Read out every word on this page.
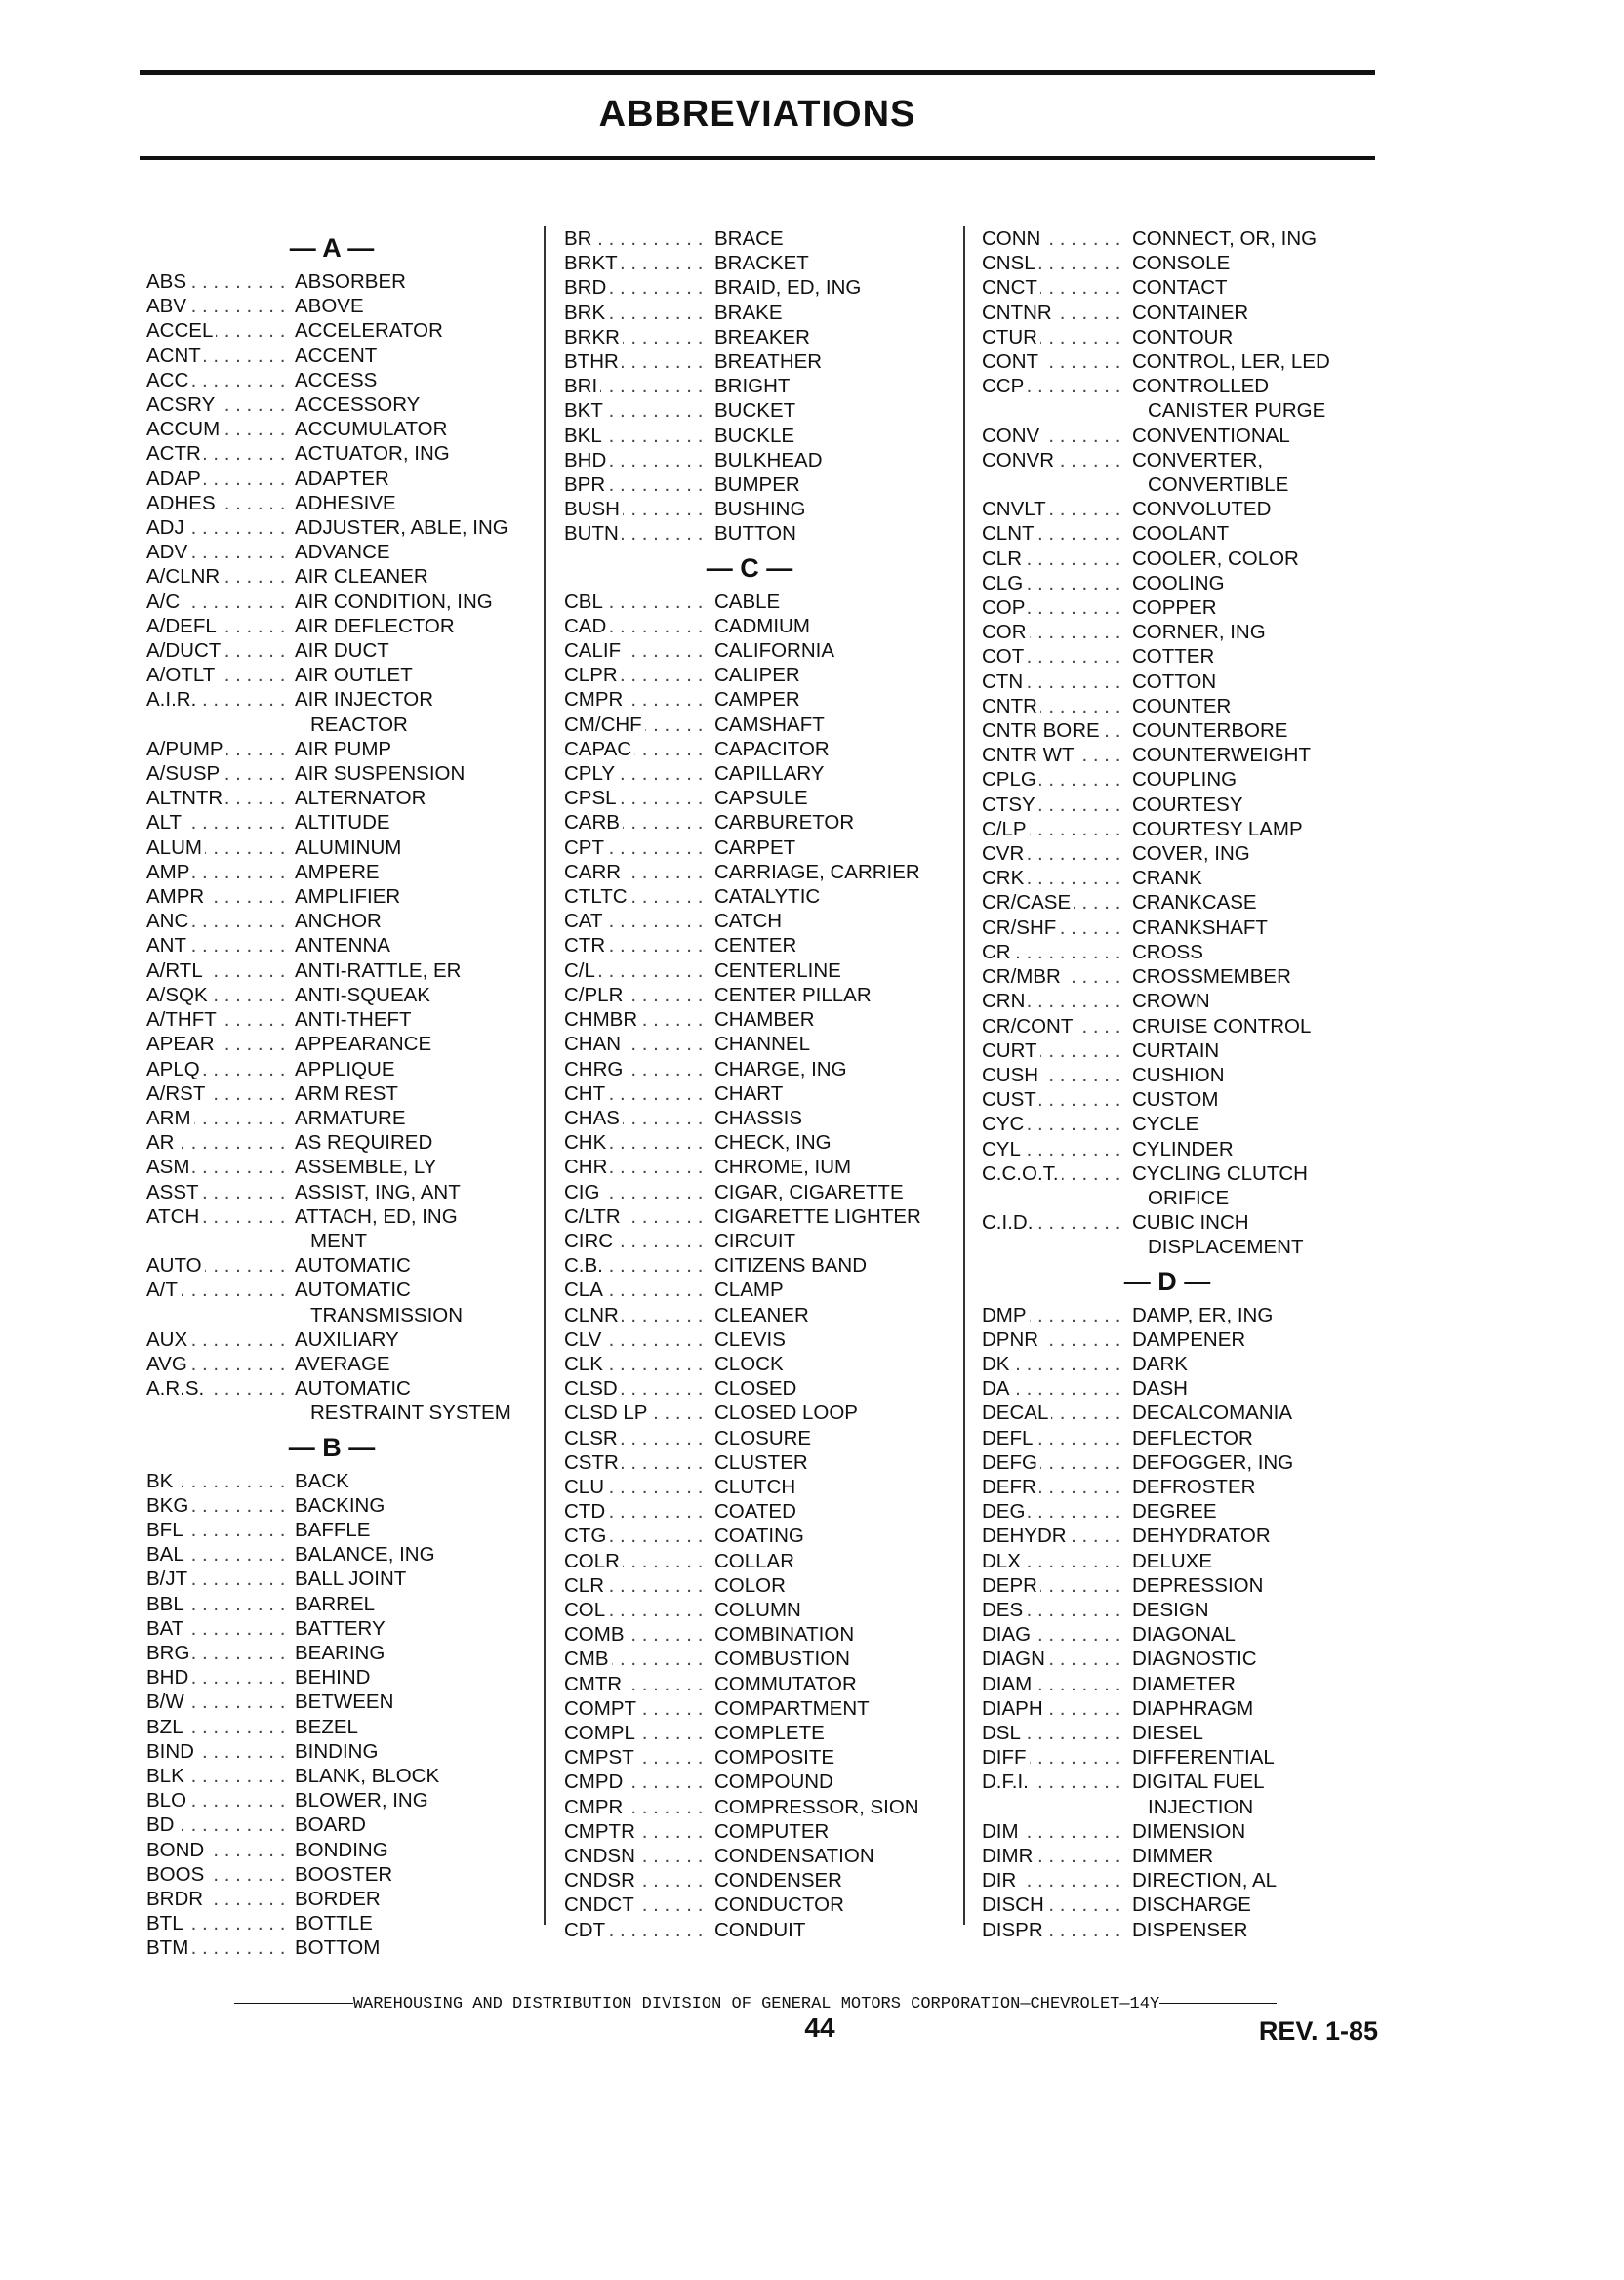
ABBREVIATIONS
— A —
ABS . . .	ABSORBER
ABV . . .	ABOVE
ACCEL . . .	ACCELERATOR
ACNT . . .	ACCENT
ACC . . .	ACCESS
ACSRY . . .	ACCESSORY
ACCUM . . .	ACCUMULATOR
ACTR . . .	ACTUATOR, ING
ADAP . . .	ADAPTER
ADHES . . .	ADHESIVE
ADJ . . .	ADJUSTER, ABLE, ING
ADV . . .	ADVANCE
A/CLNR . . .	AIR CLEANER
A/C . . .	AIR CONDITION, ING
A/DEFL . . .	AIR DEFLECTOR
A/DUCT . . .	AIR DUCT
A/OTLT . . .	AIR OUTLET
A.I.R. . . .	AIR INJECTOR
REACTOR
A/PUMP . . .	AIR PUMP
A/SUSP . . .	AIR SUSPENSION
ALTNTR . . .	ALTERNATOR
ALT . . .	ALTITUDE
ALUM . . .	ALUMINUM
AMP . . .	AMPERE
AMPR . . .	AMPLIFIER
ANC . . .	ANCHOR
ANT . . .	ANTENNA
A/RTL . . .	ANTI-RATTLE, ER
A/SQK . . .	ANTI-SQUEAK
A/THFT . . .	ANTI-THEFT
APEAR . . .	APPEARANCE
APLQ . . .	APPLIQUE
A/RST . . .	ARM REST
ARM . . .	ARMATURE
AR . . .	AS REQUIRED
ASM . . .	ASSEMBLE, LY
ASST . . .	ASSIST, ING, ANT
ATCH . . .	ATTACH, ED, ING
MENT
AUTO . . .	AUTOMATIC
A/T . . .	AUTOMATIC
TRANSMISSION
AUX . . .	AUXILIARY
AVG . . .	AVERAGE
A.R.S. . . .	AUTOMATIC
RESTRAINT SYSTEM
— B —
BK . . .	BACK
BKG . . .	BACKING
BFL . . .	BAFFLE
BAL . . .	BALANCE, ING
B/JT . . .	BALL JOINT
BBL . . .	BARREL
BAT . . .	BATTERY
BRG . . .	BEARING
BHD . . .	BEHIND
B/W . . .	BETWEEN
BZL . . .	BEZEL
BIND . . .	BINDING
BLK . . .	BLANK, BLOCK
BLO . . .	BLOWER, ING
BD . . .	BOARD
BOND . . .	BONDING
BOOS . . .	BOOSTER
BRDR . . .	BORDER
BTL . . .	BOTTLE
BTM . . .	BOTTOM
BR . . .	BRACE
BRKT . . .	BRACKET
BRD . . .	BRAID, ED, ING
BRK . . .	BRAKE
BRKR . . .	BREAKER
BTHR . . .	BREATHER
BRI . . .	BRIGHT
BKT . . .	BUCKET
BKL . . .	BUCKLE
BHD . . .	BULKHEAD
BPR . . .	BUMPER
BUSH . . .	BUSHING
BUTN . . .	BUTTON
— C —
CBL . . .	CABLE
CAD . . .	CADMIUM
CALIF . . .	CALIFORNIA
CLPR . . .	CALIPER
CMPR . . .	CAMPER
CM/CHF . . .	CAMSHAFT
CAPAC . . .	CAPACITOR
CPLY . . .	CAPILLARY
CPSL . . .	CAPSULE
CARB . . .	CARBURETOR
CPT . . .	CARPET
CARR . . .	CARRIAGE, CARRIER
CTLTC . . .	CATALYTIC
CAT . . .	CATCH
CTR . . .	CENTER
C/L . . .	CENTERLINE
C/PLR . . .	CENTER PILLAR
CHMBR . . .	CHAMBER
CHAN . . .	CHANNEL
CHRG . . .	CHARGE, ING
CHT . . .	CHART
CHAS . . .	CHASSIS
CHK . . .	CHECK, ING
CHR . . .	CHROME, IUM
CIG . . .	CIGAR, CIGARETTE
C/LTR . . .	CIGARETTE LIGHTER
CIRC . . .	CIRCUIT
C.B. . . .	CITIZENS BAND
CLA . . .	CLAMP
CLNR . . .	CLEANER
CLV . . .	CLEVIS
CLK . . .	CLOCK
CLSD . . .	CLOSED
CLSD LP . . .	CLOSED LOOP
CLSR . . .	CLOSURE
CSTR . . .	CLUSTER
CLU . . .	CLUTCH
CTD . . .	COATED
CTG . . .	COATING
COLR . . .	COLLAR
CLR . . .	COLOR
COL . . .	COLUMN
COMB . . .	COMBINATION
CMB . . .	COMBUSTION
CMTR . . .	COMMUTATOR
COMPT . . .	COMPARTMENT
COMPL . . .	COMPLETE
CMPST . . .	COMPOSITE
CMPD . . .	COMPOUND
CMPR . . .	COMPRESSOR, SION
CMPTR . . .	COMPUTER
CNDSN . . .	CONDENSATION
CNDSR . . .	CONDENSER
CNDCT . . .	CONDUCTOR
CDT . . .	CONDUIT
CONN . . .	CONNECT, OR, ING
CNSL . . .	CONSOLE
CNCT . . .	CONTACT
CNTNR . . .	CONTAINER
CTUR . . .	CONTOUR
CONT . . .	CONTROL, LER, LED
CCP . . .	CONTROLLED
CANISTER PURGE
CONV . . .	CONVENTIONAL
CONVR . . .	CONVERTER,
CONVERTIBLE
CNVLT . . .	CONVOLUTED
CLNT . . .	COOLANT
CLR . . .	COOLER, COLOR
CLG . . .	COOLING
COP . . .	COPPER
COR . . .	CORNER, ING
COT . . .	COTTER
CTN . . .	COTTON
CNTR . . .	COUNTER
CNTR BORE . . . COUNTERBORE
CNTR WT . . .	COUNTERWEIGHT
CPLG . . .	COUPLING
CTSY . . .	COURTESY
C/LP . . .	COURTESY LAMP
CVR . . .	COVER, ING
CRK . . .	CRANK
CR/CASE . . .	CRANKCASE
CR/SHF . . .	CRANKSHAFT
CR . . .	CROSS
CR/MBR . . .	CROSSMEMBER
CRN . . .	CROWN
CR/CONT . . .	CRUISE CONTROL
CURT . . .	CURTAIN
CUSH . . .	CUSHION
CUST . . .	CUSTOM
CYC . . .	CYCLE
CYL . . .	CYLINDER
C.C.O.T. . . .	CYCLING CLUTCH
ORIFICE
C.I.D. . . .	CUBIC INCH
DISPLACEMENT
— D —
DMP . . .	DAMP, ER, ING
DPNR . . .	DAMPENER
DK . . .	DARK
DA . . .	DASH
DECAL . . .	DECALCOMANIA
DEFL . . .	DEFLECTOR
DEFG . . .	DEFOGGER, ING
DEFR . . .	DEFROSTER
DEG . . .	DEGREE
DEHYDR . . .	DEHYDRATOR
DLX . . .	DELUXE
DEPR . . .	DEPRESSION
DES . . .	DESIGN
DIAG . . .	DIAGONAL
DIAGN . . .	DIAGNOSTIC
DIAM . . .	DIAMETER
DIAPH . . .	DIAPHRAGM
DSL . . .	DIESEL
DIFF . . .	DIFFERENTIAL
D.F.I. . . .	DIGITAL FUEL
INJECTION
DIM . . .	DIMENSION
DIMR . . .	DIMMER
DIR . . .	DIRECTION, AL
DISCH . . .	DISCHARGE
DISPR . . .	DISPENSER
WAREHOUSING AND DISTRIBUTION DIVISION OF GENERAL MOTORS CORPORATION—CHEVROLET—14Y
44	REV. 1-85
